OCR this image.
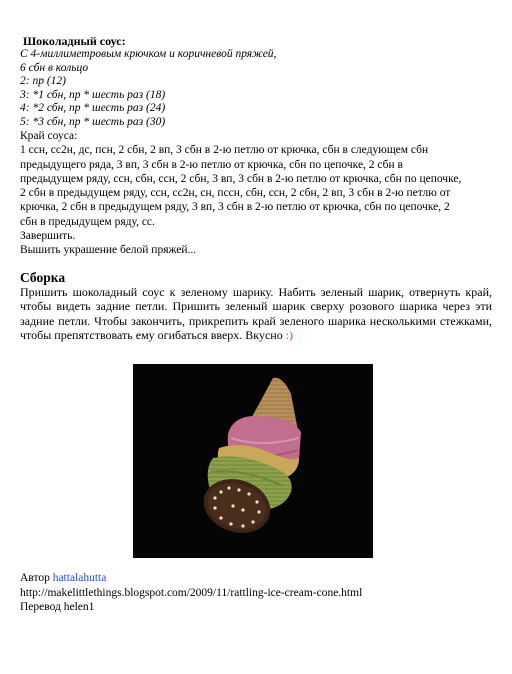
Шоколадный соус:
С 4-миллиметровым крючком и коричневой пряжей,
6 сбн в кольцо
2: пр (12)
3: *1 сбн, пр * шесть раз (18)
4: *2 сбн, пр * шесть раз (24)
5: *3 сбн, пр * шесть раз (30)
Край соуса:
1 ссн, сс2н, дс, псн, 2 сбн, 2 вп, 3 сбн в 2-ю петлю от крючка, сбн в следующем сбн
предыдущего ряда, 3 вп, 3 сбн в 2-ю петлю от крючка, сбн по цепочке, 2 сбн в
предыдущем ряду, ссн, сбн, ссн, 2 сбн, 3 вп, 3 сбн в 2-ю петлю от крючка, сбн по цепочке,
2 сбн в предыдущем ряду, ссн, сс2н, сн, пссн, сбн, ссн, 2 сбн, 2 вп, 3 сбн в 2-ю петлю от
крючка, 2 сбн в предыдущем ряду, 3 вп, 3 сбн в 2-ю петлю от крючка, сбн по цепочке, 2
сбн в предыдущем ряду, сс.
Завершить.
Вышить украшение белой пряжей...
Сборка
Пришить шоколадный соус к зеленому шарику. Набить зеленый шарик, отвернуть край, чтобы видеть задние петли. Пришить зеленый шарик сверху розового шарика через эти задние петли. Чтобы закончить, прикрепить край зеленого шарика несколькими стежками, чтобы препятствовать ему огибаться вверх. Вкусно :)
Автор hattalahutta
http://makelittlethings.blogspot.com/2009/11/rattling-ice-cream-cone.html
Перевод helen1
